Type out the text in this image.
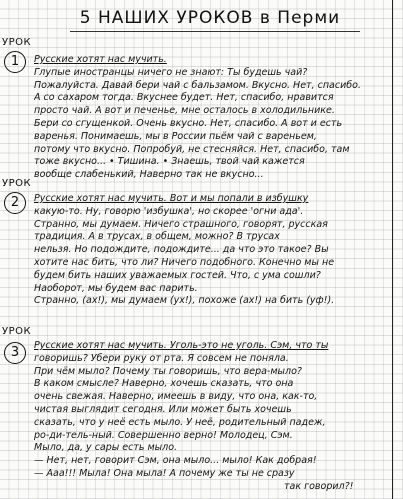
5 НАШИХ УРОКОВ в Перми
УРОК
1	Русские хотят нас мучить.
Глупые иностранцы ничего не знают: Ты будешь чай?
Пожалуйста. Давай бери чай с бальзамом. Вкусно. Нет, спасибо.
А со сахаром тогда. Вкуснее будет. Нет, спасибо, нравится
просто чай. А вот и печенье, мне осталось в холодильнике.
Бери со сгущенкой. Очень вкусно. Нет, спасибо. А вот и есть
варенья. Понимаешь, мы в России пьём чай с вареньем,
потому что вкусно. Попробуй, не стесняйся. Нет, спасибо, там
тоже вкусно... • Тишина. • Знаешь, твой чай кажется
вообще слабенький, Наверно так не вкусно...
УРОК
2	Русские хотят нас мучить. Вот и мы попали в избушку
какую-то. Ну, говорю 'избушка', но скорее 'огни ада'.
Странно, мы думаем. Ничего страшного, говорят, русская
традиция. А в трусах, в общем, можно? В трусах
нельзя. Но подождите, подождите... да что это такое? Вы
хотите нас бить, что ли? Ничего подобного. Конечно мы не
будем бить наших уважаемых гостей. Что, с ума сошли?
Наоборот, мы будем вас парить.
Странно, (ах!), мы думаем (ух!), похоже (ах!) на бить (уф!).
УРОК
3	Русские хотят нас мучить. Уголь-это не уголь. Сэм, что ты
говоришь? Убери руку от рта. Я совсем не поняла.
При чём мыло? Почему ты говоришь, что вера-мыло?
В каком смысле? Наверно, хочешь сказать, что она
очень свежая. Наверно, имеешь в виду, что она, как-то,
чистая выглядит сегодня. Или может быть хочешь
сказать, что у неё есть мыло. У неё, родительный падеж,
ро-ди-тель-ный. Совершенно верно! Молодец, Сэм.
Мыло, да, у сары есть мыло.
— Нет, нет, говорит Сэм, она мыло... мыло! Как добрая!
— Ааа!!! Мыла! Она мыла! А почему же ты не сразу
так говорил?!
